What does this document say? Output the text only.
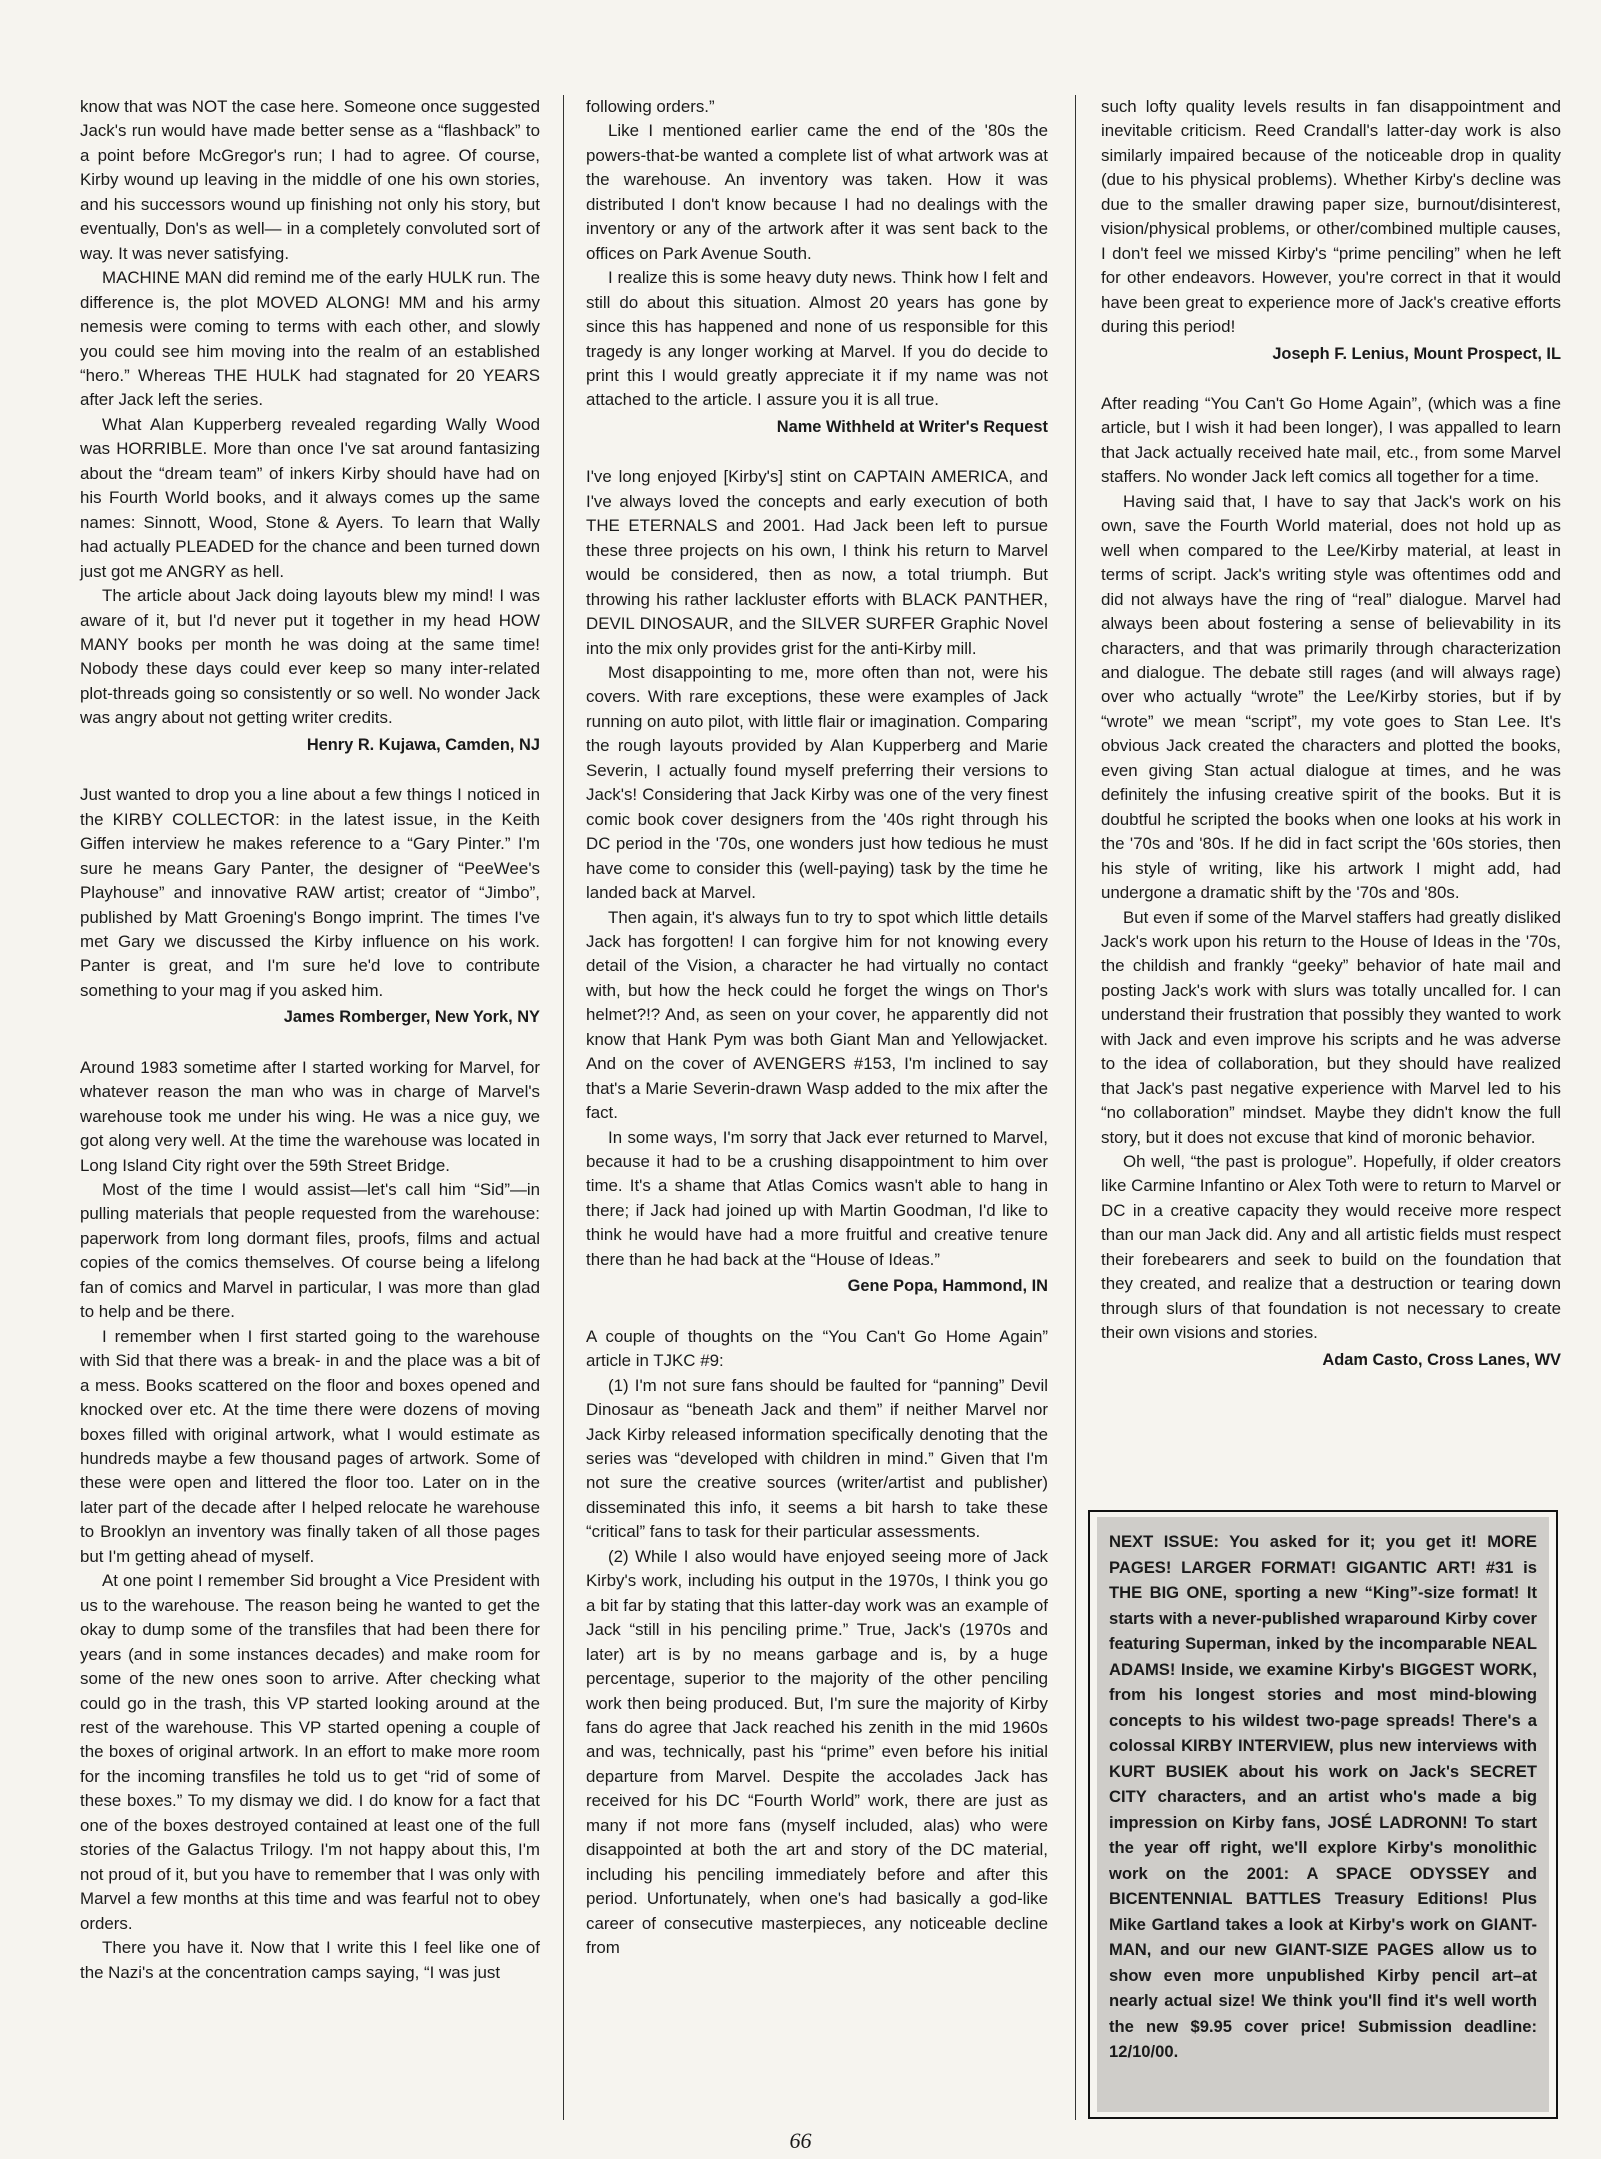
know that was NOT the case here. Someone once suggested Jack's run would have made better sense as a “flashback” to a point before McGregor's run; I had to agree. Of course, Kirby wound up leaving in the middle of one his own stories, and his successors wound up finishing not only his story, but eventually, Don's as well— in a completely convoluted sort of way. It was never satisfying.

MACHINE MAN did remind me of the early HULK run. The difference is, the plot MOVED ALONG! MM and his army nemesis were coming to terms with each other, and slowly you could see him moving into the realm of an established “hero.” Whereas THE HULK had stagnated for 20 YEARS after Jack left the series.

What Alan Kupperberg revealed regarding Wally Wood was HORRIBLE. More than once I've sat around fantasizing about the “dream team” of inkers Kirby should have had on his Fourth World books, and it always comes up the same names: Sinnott, Wood, Stone & Ayers. To learn that Wally had actually PLEADED for the chance and been turned down just got me ANGRY as hell.

The article about Jack doing layouts blew my mind! I was aware of it, but I'd never put it together in my head HOW MANY books per month he was doing at the same time! Nobody these days could ever keep so many inter-related plot-threads going so consistently or so well. No wonder Jack was angry about not getting writer credits.

Henry R. Kujawa, Camden, NJ

Just wanted to drop you a line about a few things I noticed in the KIRBY COLLECTOR: in the latest issue, in the Keith Giffen interview he makes reference to a “Gary Pinter.” I'm sure he means Gary Panter, the designer of “PeeWee's Playhouse” and innovative RAW artist; creator of “Jimbo”, published by Matt Groening's Bongo imprint. The times I've met Gary we discussed the Kirby influence on his work. Panter is great, and I'm sure he'd love to contribute something to your mag if you asked him.

James Romberger, New York, NY

Around 1983 sometime after I started working for Marvel, for whatever reason the man who was in charge of Marvel's warehouse took me under his wing. He was a nice guy, we got along very well. At the time the warehouse was located in Long Island City right over the 59th Street Bridge.

Most of the time I would assist—let's call him “Sid”—in pulling materials that people requested from the warehouse: paperwork from long dormant files, proofs, films and actual copies of the comics themselves. Of course being a lifelong fan of comics and Marvel in particular, I was more than glad to help and be there.

I remember when I first started going to the warehouse with Sid that there was a break- in and the place was a bit of a mess. Books scattered on the floor and boxes opened and knocked over etc. At the time there were dozens of moving boxes filled with original artwork, what I would estimate as hundreds maybe a few thousand pages of artwork. Some of these were open and littered the floor too. Later on in the later part of the decade after I helped relocate he warehouse to Brooklyn an inventory was finally taken of all those pages but I'm getting ahead of myself.

At one point I remember Sid brought a Vice President with us to the warehouse. The reason being he wanted to get the okay to dump some of the transfiles that had been there for years (and in some instances decades) and make room for some of the new ones soon to arrive. After checking what could go in the trash, this VP started looking around at the rest of the warehouse. This VP started opening a couple of the boxes of original artwork. In an effort to make more room for the incoming transfiles he told us to get “rid of some of these boxes.” To my dismay we did. I do know for a fact that one of the boxes destroyed contained at least one of the full stories of the Galactus Trilogy. I'm not happy about this, I'm not proud of it, but you have to remember that I was only with Marvel a few months at this time and was fearful not to obey orders.

There you have it. Now that I write this I feel like one of the Nazi's at the concentration camps saying, “I was just

following orders.”

Like I mentioned earlier came the end of the '80s the powers-that-be wanted a complete list of what artwork was at the warehouse. An inventory was taken. How it was distributed I don't know because I had no dealings with the inventory or any of the artwork after it was sent back to the offices on Park Avenue South.

I realize this is some heavy duty news. Think how I felt and still do about this situation. Almost 20 years has gone by since this has happened and none of us responsible for this tragedy is any longer working at Marvel. If you do decide to print this I would greatly appreciate it if my name was not attached to the article. I assure you it is all true.

Name Withheld at Writer's Request

I've long enjoyed [Kirby's] stint on CAPTAIN AMERICA, and I've always loved the concepts and early execution of both THE ETERNALS and 2001. Had Jack been left to pursue these three projects on his own, I think his return to Marvel would be considered, then as now, a total triumph. But throwing his rather lackluster efforts with BLACK PANTHER, DEVIL DINOSAUR, and the SILVER SURFER Graphic Novel into the mix only provides grist for the anti-Kirby mill.

Most disappointing to me, more often than not, were his covers. With rare exceptions, these were examples of Jack running on auto pilot, with little flair or imagination. Comparing the rough layouts provided by Alan Kupperberg and Marie Severin, I actually found myself preferring their versions to Jack's! Considering that Jack Kirby was one of the very finest comic book cover designers from the '40s right through his DC period in the '70s, one wonders just how tedious he must have come to consider this (well-paying) task by the time he landed back at Marvel.

Then again, it's always fun to try to spot which little details Jack has forgotten! I can forgive him for not knowing every detail of the Vision, a character he had virtually no contact with, but how the heck could he forget the wings on Thor's helmet?!? And, as seen on your cover, he apparently did not know that Hank Pym was both Giant Man and Yellowjacket. And on the cover of AVENGERS #153, I'm inclined to say that's a Marie Severin-drawn Wasp added to the mix after the fact.

In some ways, I'm sorry that Jack ever returned to Marvel, because it had to be a crushing disappointment to him over time. It's a shame that Atlas Comics wasn't able to hang in there; if Jack had joined up with Martin Goodman, I'd like to think he would have had a more fruitful and creative tenure there than he had back at the “House of Ideas.”

Gene Popa, Hammond, IN

A couple of thoughts on the “You Can't Go Home Again” article in TJKC #9:

(1) I'm not sure fans should be faulted for “panning” Devil Dinosaur as “beneath Jack and them” if neither Marvel nor Jack Kirby released information specifically denoting that the series was “developed with children in mind.” Given that I'm not sure the creative sources (writer/artist and publisher) disseminated this info, it seems a bit harsh to take these “critical” fans to task for their particular assessments.

(2) While I also would have enjoyed seeing more of Jack Kirby's work, including his output in the 1970s, I think you go a bit far by stating that this latter-day work was an example of Jack “still in his penciling prime.” True, Jack's (1970s and later) art is by no means garbage and is, by a huge percentage, superior to the majority of the other penciling work then being produced. But, I'm sure the majority of Kirby fans do agree that Jack reached his zenith in the mid 1960s and was, technically, past his “prime” even before his initial departure from Marvel. Despite the accolades Jack has received for his DC “Fourth World” work, there are just as many if not more fans (myself included, alas) who were disappointed at both the art and story of the DC material, including his penciling immediately before and after this period. Unfortunately, when one's had basically a god-like career of consecutive masterpieces, any noticeable decline from

such lofty quality levels results in fan disappointment and inevitable criticism. Reed Crandall's latter-day work is also similarly impaired because of the noticeable drop in quality (due to his physical problems). Whether Kirby's decline was due to the smaller drawing paper size, burnout/disinterest, vision/physical problems, or other/combined multiple causes, I don't feel we missed Kirby's “prime penciling” when he left for other endeavors. However, you're correct in that it would have been great to experience more of Jack's creative efforts during this period!

Joseph F. Lenius, Mount Prospect, IL

After reading “You Can't Go Home Again”, (which was a fine article, but I wish it had been longer), I was appalled to learn that Jack actually received hate mail, etc., from some Marvel staffers. No wonder Jack left comics all together for a time.

Having said that, I have to say that Jack's work on his own, save the Fourth World material, does not hold up as well when compared to the Lee/Kirby material, at least in terms of script. Jack's writing style was oftentimes odd and did not always have the ring of “real” dialogue. Marvel had always been about fostering a sense of believability in its characters, and that was primarily through characterization and dialogue. The debate still rages (and will always rage) over who actually “wrote” the Lee/Kirby stories, but if by “wrote” we mean “script”, my vote goes to Stan Lee. It's obvious Jack created the characters and plotted the books, even giving Stan actual dialogue at times, and he was definitely the infusing creative spirit of the books. But it is doubtful he scripted the books when one looks at his work in the '70s and '80s. If he did in fact script the '60s stories, then his style of writing, like his artwork I might add, had undergone a dramatic shift by the '70s and '80s.

But even if some of the Marvel staffers had greatly disliked Jack's work upon his return to the House of Ideas in the '70s, the childish and frankly “geeky” behavior of hate mail and posting Jack's work with slurs was totally uncalled for. I can understand their frustration that possibly they wanted to work with Jack and even improve his scripts and he was adverse to the idea of collaboration, but they should have realized that Jack's past negative experience with Marvel led to his “no collaboration” mindset. Maybe they didn't know the full story, but it does not excuse that kind of moronic behavior.

Oh well, “the past is prologue”. Hopefully, if older creators like Carmine Infantino or Alex Toth were to return to Marvel or DC in a creative capacity they would receive more respect than our man Jack did. Any and all artistic fields must respect their forebearers and seek to build on the foundation that they created, and realize that a destruction or tearing down through slurs of that foundation is not necessary to create their own visions and stories.

Adam Casto, Cross Lanes, WV

NEXT ISSUE: You asked for it; you get it! MORE PAGES! LARGER FORMAT! GIGANTIC ART! #31 is THE BIG ONE, sporting a new “King”-size format! It starts with a never-published wraparound Kirby cover featuring Superman, inked by the incomparable NEAL ADAMS! Inside, we examine Kirby's BIGGEST WORK, from his longest stories and most mind-blowing concepts to his wildest two-page spreads! There's a colossal KIRBY INTERVIEW, plus new interviews with KURT BUSIEK about his work on Jack's SECRET CITY characters, and an artist who's made a big impression on Kirby fans, JOSÉ LADRONN! To start the year off right, we'll explore Kirby's monolithic work on the 2001: A SPACE ODYSSEY and BICENTENNIAL BATTLES Treasury Editions! Plus Mike Gartland takes a look at Kirby's work on GIANT-MAN, and our new GIANT-SIZE PAGES allow us to show even more unpublished Kirby pencil art–at nearly actual size! We think you'll find it's well worth the new $9.95 cover price! Submission deadline: 12/10/00.
66
